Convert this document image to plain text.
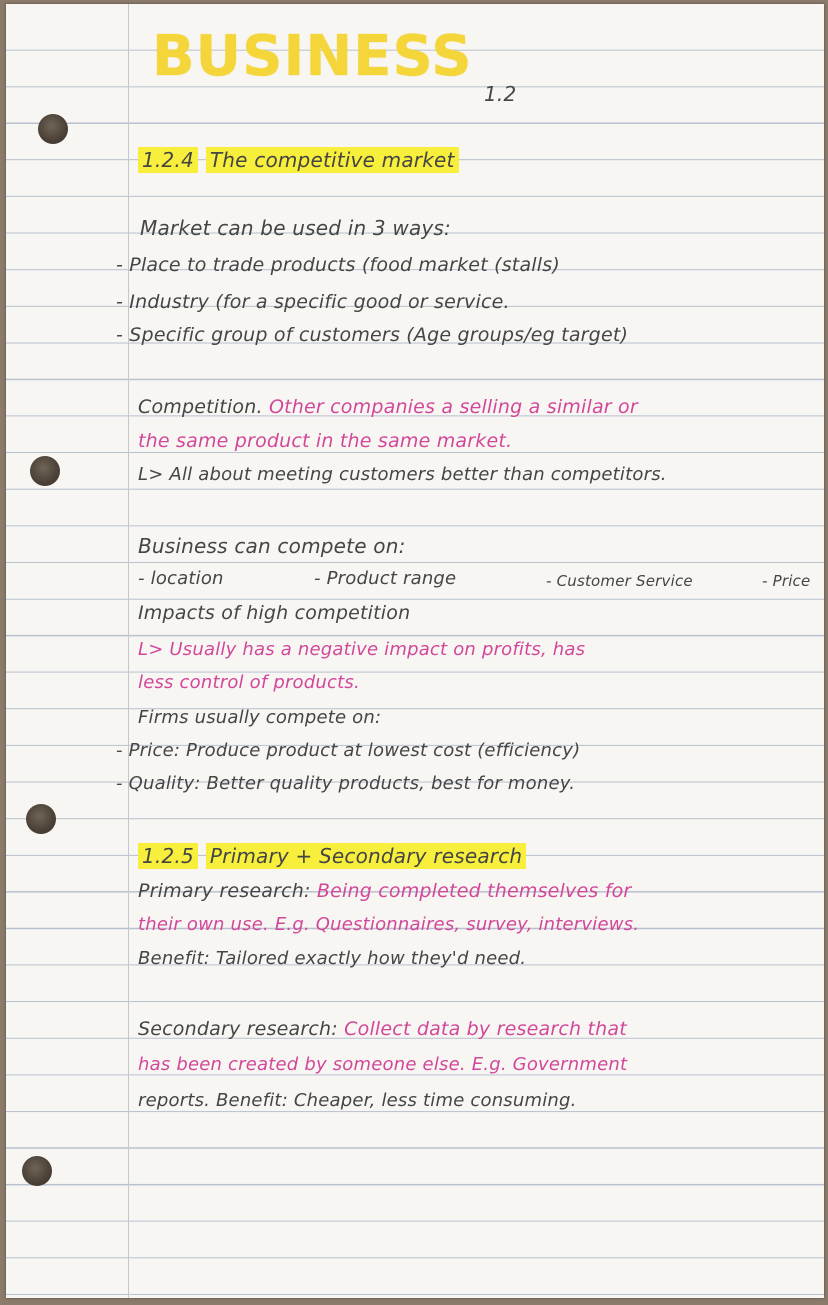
BUSINESS
1.2
1.2.4 The competitive market
Market can be used in 3 ways:
- Place to trade products (food market (stalls)
- Industry (for a specific good or service.
- Specific group of customers (Age groups/eg target)
Competition. Other companies a selling a similar or
the same product in the same market.
L> All about meeting customers better than competitors.
Business can compete on:
- location	- Product range	- Customer Service	- Price
Impacts of high competition
L> Usually has a negative impact on profits, has
less control of products.
Firms usually compete on:
- Price: Produce product at lowest cost (efficiency)
- Quality: Better quality products, best for money.
1.2.5 Primary + Secondary research
Primary research: Being completed themselves for
their own use. E.g. Questionnaires, survey, interviews.
Benefit: Tailored exactly how they'd need.
Secondary research: Collect data by research that
has been created by someone else. E.g. Government
reports. Benefit: Cheaper, less time consuming.
